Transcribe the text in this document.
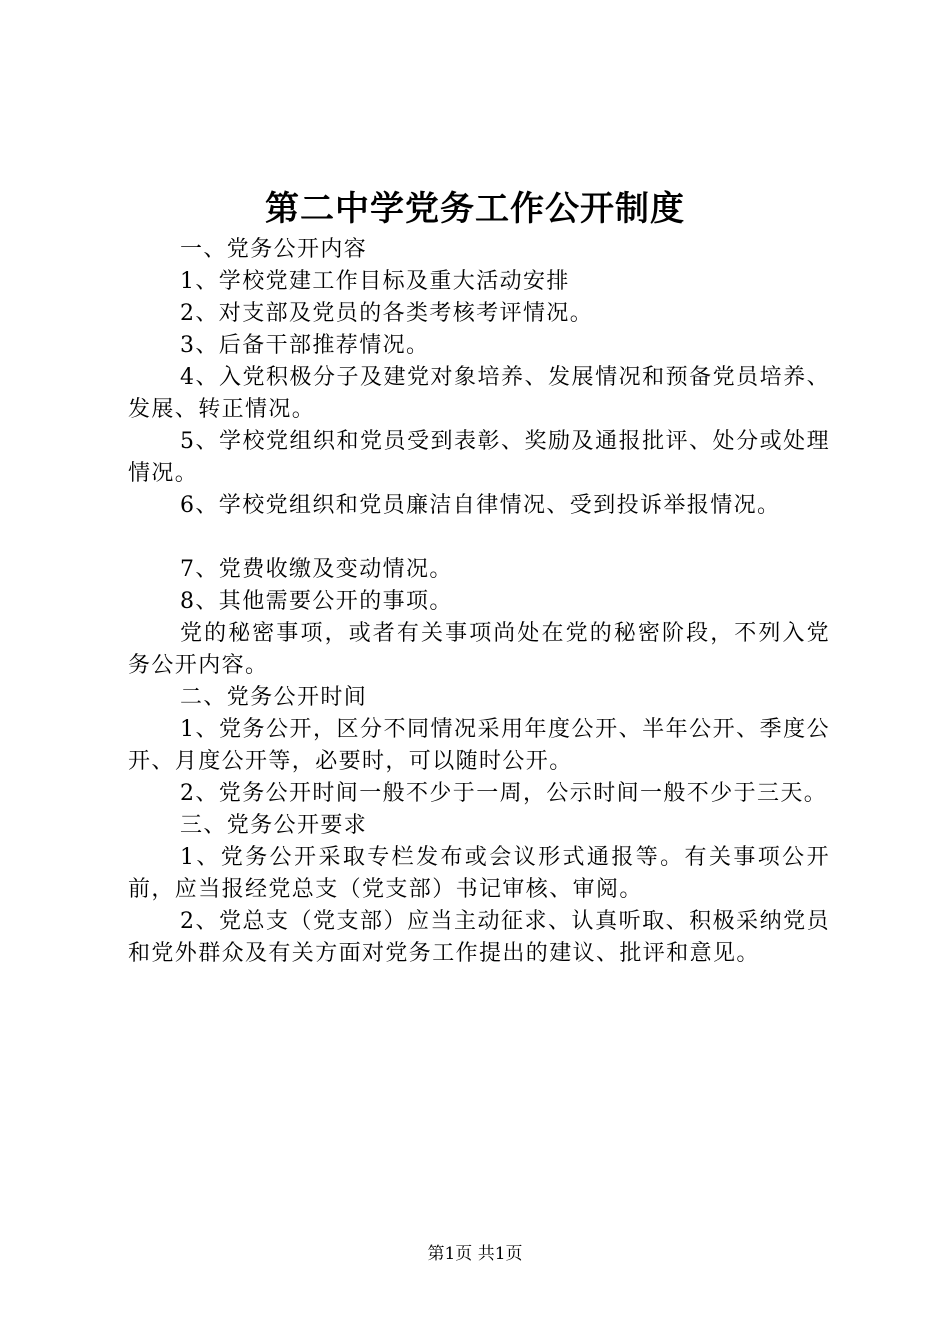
第二中学党务工作公开制度

一、党务公开内容

1、学校党建工作目标及重大活动安排

2、对支部及党员的各类考核考评情况。

3、后备干部推荐情况。

4、入党积极分子及建党对象培养、发展情况和预备党员培养、发展、转正情况。

5、学校党组织和党员受到表彰、奖励及通报批评、处分或处理情况。

6、学校党组织和党员廉洁自律情况、受到投诉举报情况。

7、党费收缴及变动情况。

8、其他需要公开的事项。

党的秘密事项，或者有关事项尚处在党的秘密阶段，不列入党务公开内容。

二、党务公开时间

1、党务公开，区分不同情况采用年度公开、半年公开、季度公开、月度公开等，必要时，可以随时公开。

2、党务公开时间一般不少于一周，公示时间一般不少于三天。

三、党务公开要求

1、党务公开采取专栏发布或会议形式通报等。有关事项公开前，应当报经党总支（党支部）书记审核、审阅。

2、党总支（党支部）应当主动征求、认真听取、积极采纳党员和党外群众及有关方面对党务工作提出的建议、批评和意见。

第1页 共1页
